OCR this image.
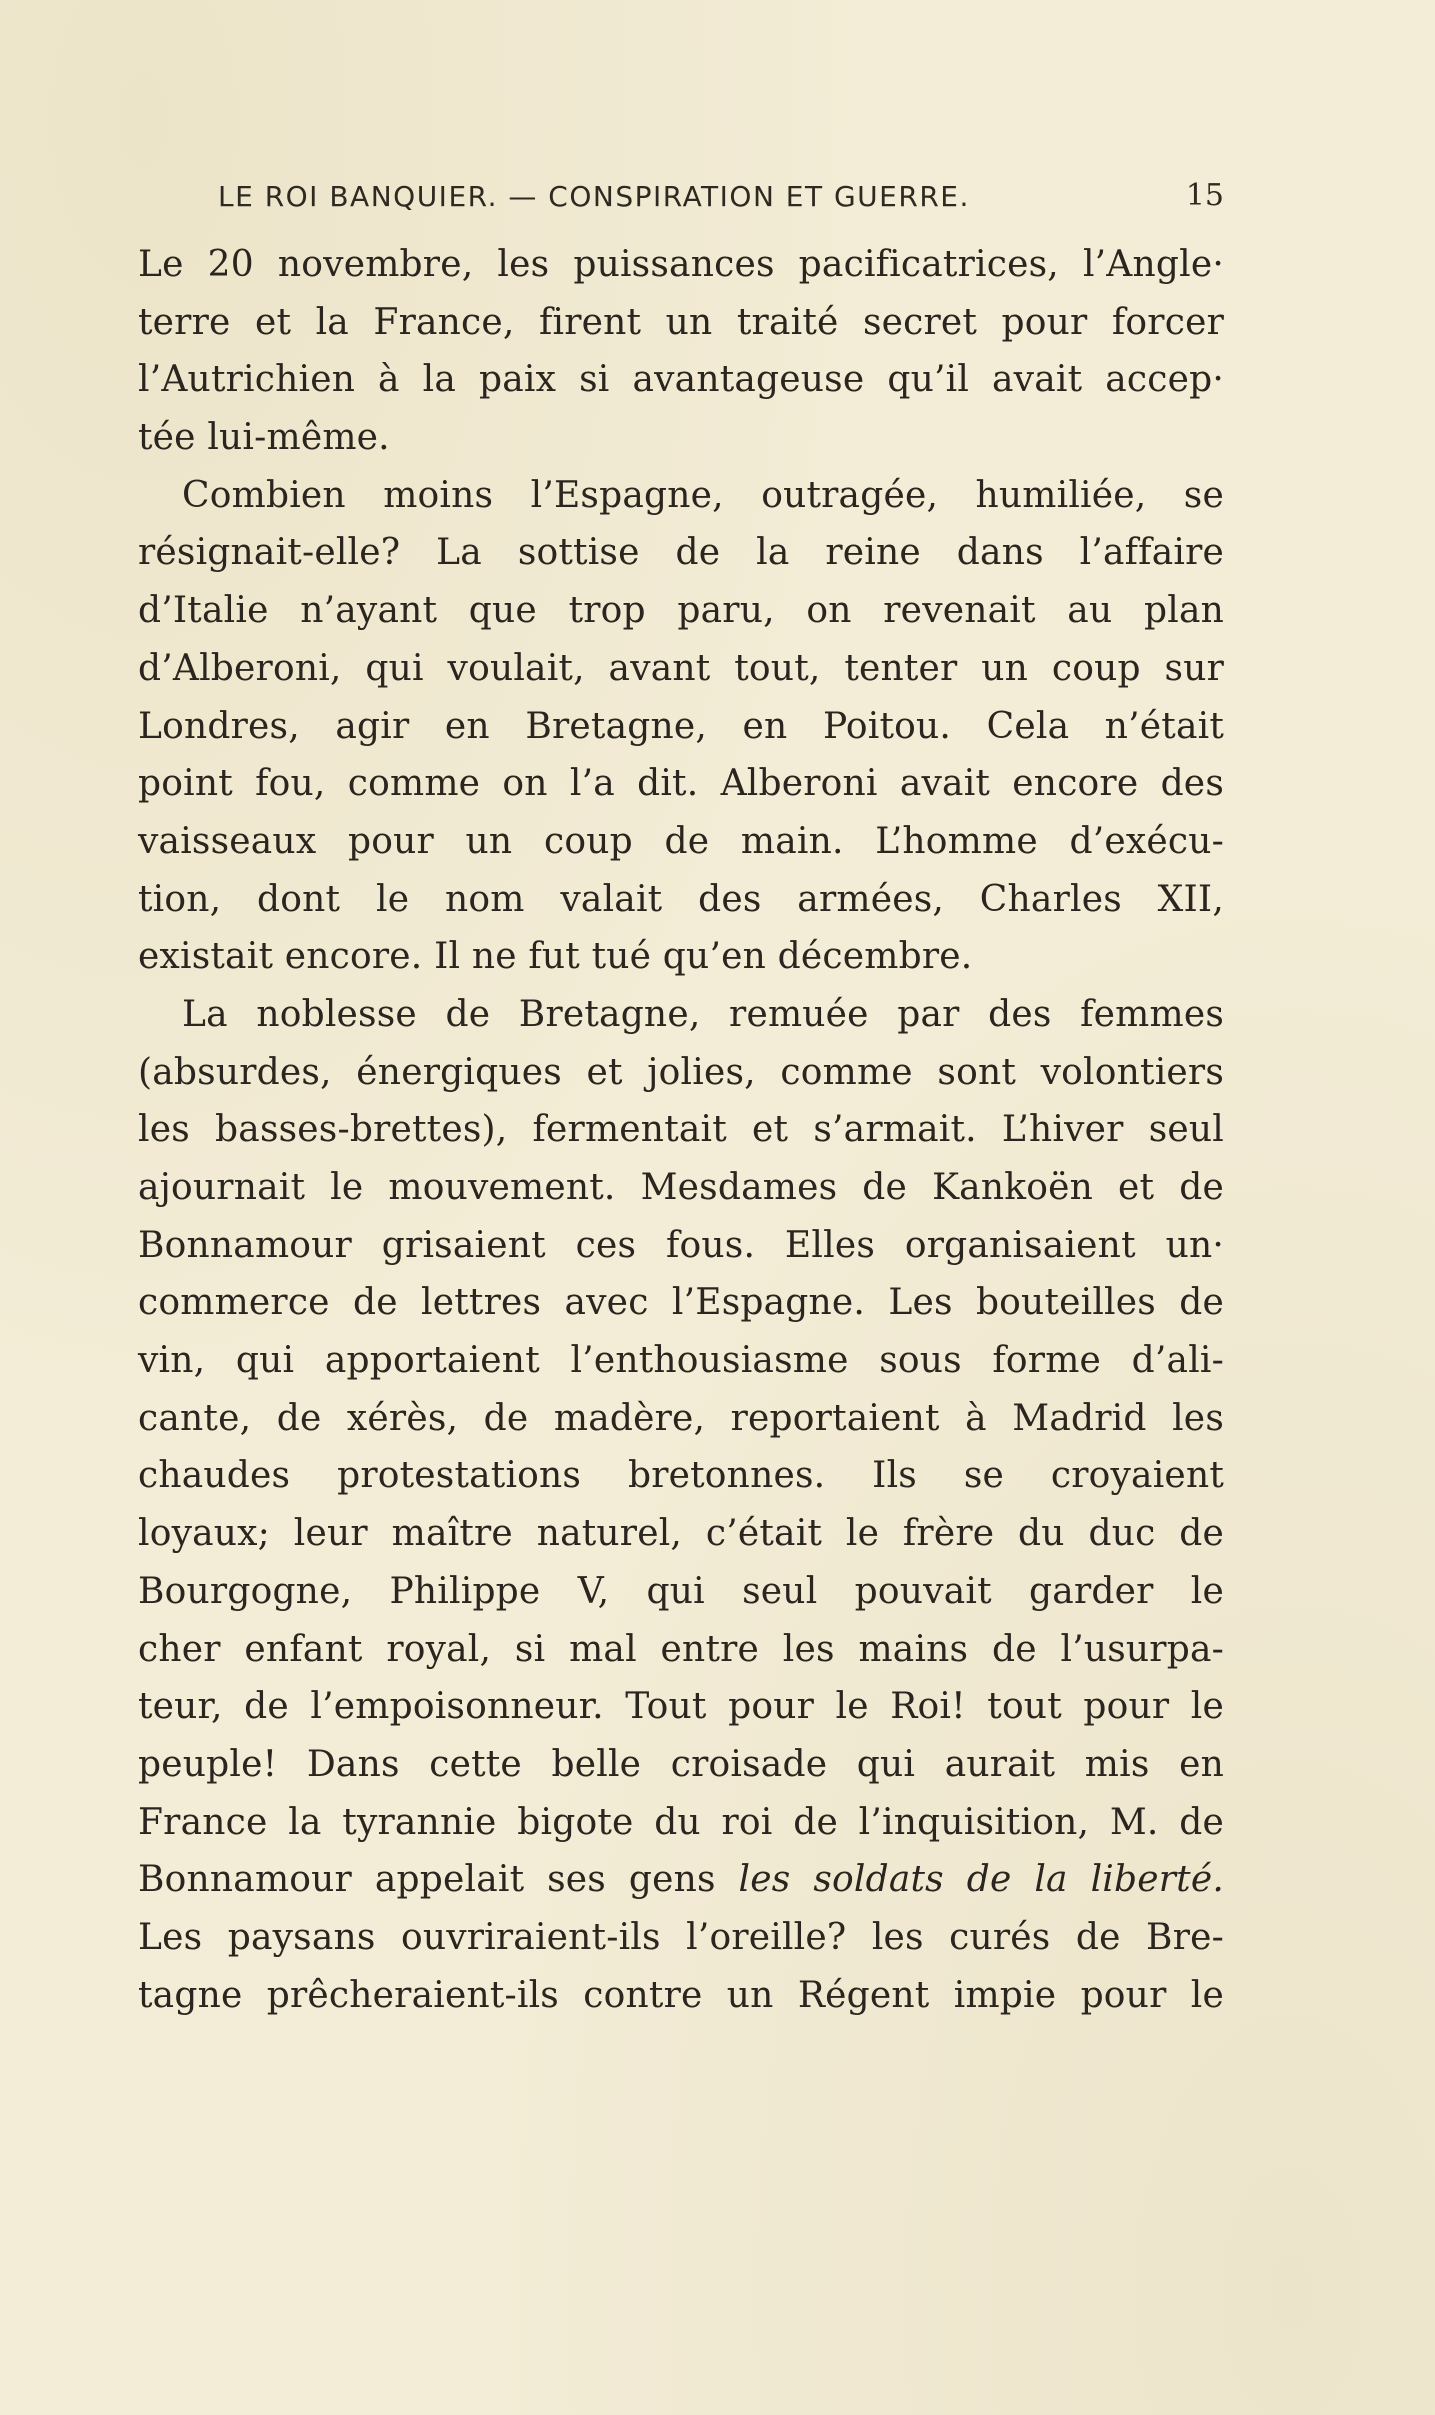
LE ROI BANQUIER. — CONSPIRATION ET GUERRE.	15
Le 20 novembre, les puissances pacificatrices, l’Angle·
terre et la France, firent un traité secret pour forcer
l’Autrichien à la paix si avantageuse qu’il avait accep·
tée lui-même.
Combien moins l’Espagne, outragée, humiliée, se
résignait-elle? La sottise de la reine dans l’affaire
d’Italie n’ayant que trop paru, on revenait au plan
d’Alberoni, qui voulait, avant tout, tenter un coup sur
Londres, agir en Bretagne, en Poitou. Cela n’était
point fou, comme on l’a dit. Alberoni avait encore des
vaisseaux pour un coup de main. L’homme d’exécu-
tion, dont le nom valait des armées, Charles XII,
existait encore. Il ne fut tué qu’en décembre.
La noblesse de Bretagne, remuée par des femmes
(absurdes, énergiques et jolies, comme sont volontiers
les basses-brettes), fermentait et s’armait. L’hiver seul
ajournait le mouvement. Mesdames de Kankoën et de
Bonnamour grisaient ces fous. Elles organisaient un·
commerce de lettres avec l’Espagne. Les bouteilles de
vin, qui apportaient l’enthousiasme sous forme d’ali-
cante, de xérès, de madère, reportaient à Madrid les
chaudes protestations bretonnes. Ils se croyaient
loyaux; leur maître naturel, c’était le frère du duc de
Bourgogne, Philippe V, qui seul pouvait garder le
cher enfant royal, si mal entre les mains de l’usurpa-
teur, de l’empoisonneur. Tout pour le Roi! tout pour le
peuple! Dans cette belle croisade qui aurait mis en
France la tyrannie bigote du roi de l’inquisition, M. de
Bonnamour appelait ses gens les soldats de la liberté.
Les paysans ouvriraient-ils l’oreille? les curés de Bre-
tagne prêcheraient-ils contre un Régent impie pour le
